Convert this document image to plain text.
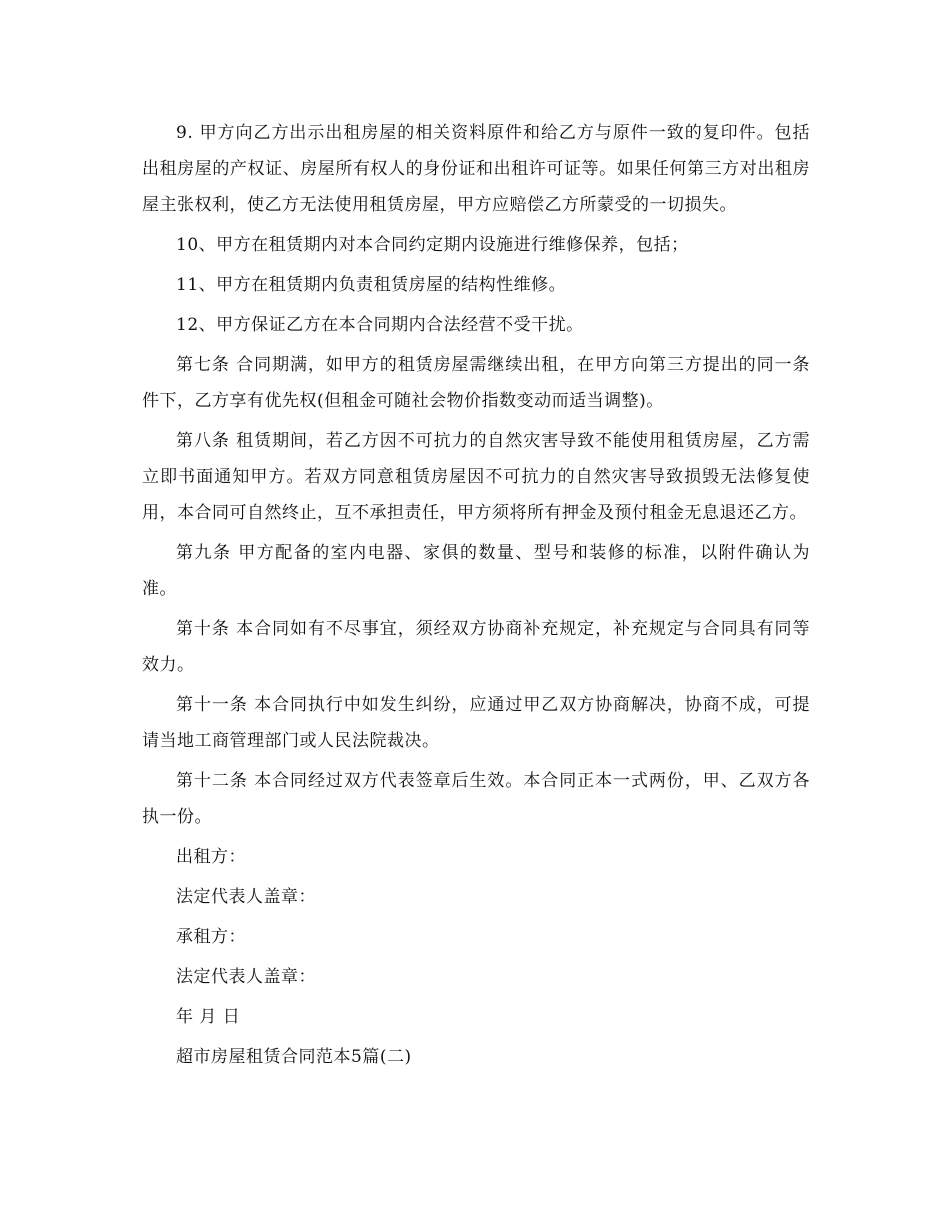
9. 甲方向乙方出示出租房屋的相关资料原件和给乙方与原件一致的复印件。包括出租房屋的产权证、房屋所有权人的身份证和出租许可证等。如果任何第三方对出租房屋主张权利，使乙方无法使用租赁房屋，甲方应赔偿乙方所蒙受的一切损失。

10、甲方在租赁期内对本合同约定期内设施进行维修保养，包括；

11、甲方在租赁期内负责租赁房屋的结构性维修。

12、甲方保证乙方在本合同期内合法经营不受干扰。

第七条 合同期满，如甲方的租赁房屋需继续出租，在甲方向第三方提出的同一条件下，乙方享有优先权(但租金可随社会物价指数变动而适当调整)。

第八条 租赁期间，若乙方因不可抗力的自然灾害导致不能使用租赁房屋，乙方需立即书面通知甲方。若双方同意租赁房屋因不可抗力的自然灾害导致损毁无法修复使用，本合同可自然终止，互不承担责任，甲方须将所有押金及预付租金无息退还乙方。

第九条 甲方配备的室内电器、家俱的数量、型号和装修的标准，以附件确认为准。

第十条 本合同如有不尽事宜，须经双方协商补充规定，补充规定与合同具有同等效力。

第十一条 本合同执行中如发生纠纷，应通过甲乙双方协商解决，协商不成，可提请当地工商管理部门或人民法院裁决。

第十二条 本合同经过双方代表签章后生效。本合同正本一式两份，甲、乙双方各执一份。

出租方：

法定代表人盖章：

承租方：

法定代表人盖章：

年 月 日

超市房屋租赁合同范本5篇(二)
